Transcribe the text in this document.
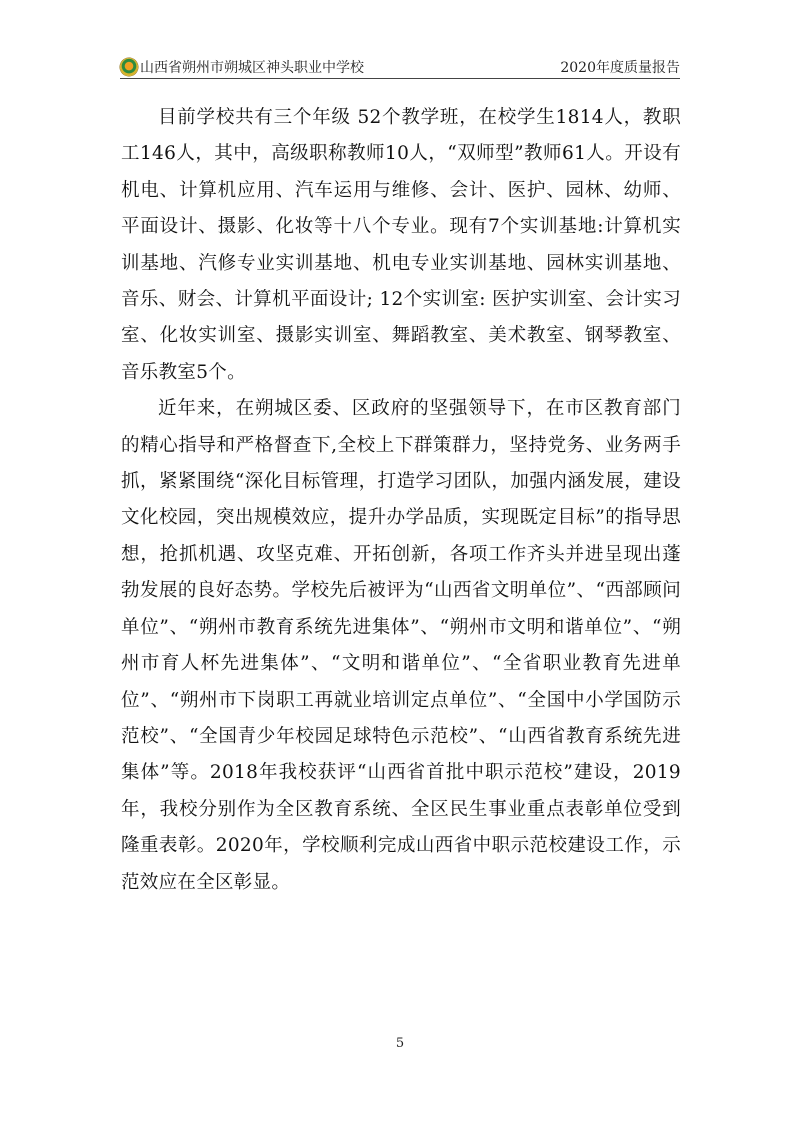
山西省朔州市朔城区神头职业中学校	2020年度质量报告

目前学校共有三个年级 52个教学班，在校学生1814人，教职工146人，其中，高级职称教师10人，“双师型”教师61人。开设有机电、计算机应用、汽车运用与维修、会计、医护、园林、幼师、平面设计、摄影、化妆等十八个专业。现有7个实训基地:计算机实训基地、汽修专业实训基地、机电专业实训基地、园林实训基地、音乐、财会、计算机平面设计; 12个实训室: 医护实训室、会计实习室、化妆实训室、摄影实训室、舞蹈教室、美术教室、钢琴教室、音乐教室5个。

近年来，在朔城区委、区政府的坚强领导下，在市区教育部门的精心指导和严格督查下,全校上下群策群力，坚持党务、业务两手抓，紧紧围绕“深化目标管理，打造学习团队，加强内涵发展，建设文化校园，突出规模效应，提升办学品质，实现既定目标”的指导思想，抢抓机遇、攻坚克难、开拓创新，各项工作齐头并进呈现出蓬勃发展的良好态势。学校先后被评为“山西省文明单位”、“西部顾问单位”、“朔州市教育系统先进集体”、“朔州市文明和谐单位”、“朔州市育人杯先进集体”、“文明和谐单位”、“全省职业教育先进单位”、“朔州市下岗职工再就业培训定点单位”、“全国中小学国防示范校”、“全国青少年校园足球特色示范校”、“山西省教育系统先进集体”等。2018年我校获评“山西省首批中职示范校”建设，2019年，我校分别作为全区教育系统、全区民生事业重点表彰单位受到隆重表彰。2020年，学校顺利完成山西省中职示范校建设工作，示范效应在全区彰显。

5
